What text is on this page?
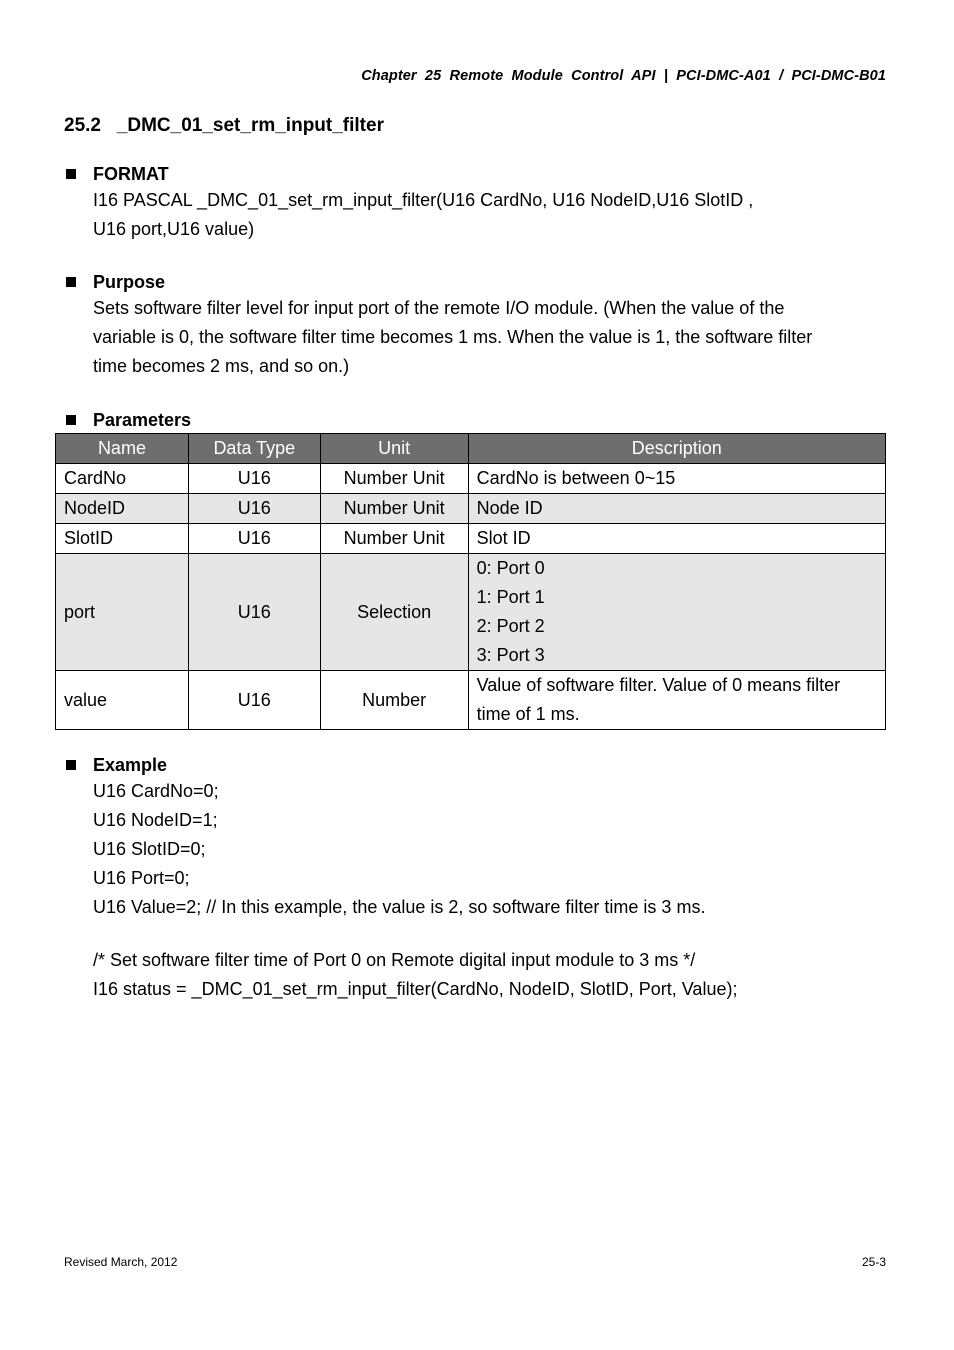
Chapter  25  Remote  Module  Control  API  |  PCI-DMC-A01  /  PCI-DMC-B01
25.2   _DMC_01_set_rm_input_filter
FORMAT
I16 PASCAL _DMC_01_set_rm_input_filter(U16 CardNo, U16 NodeID,U16 SlotID ,
U16 port,U16 value)
Purpose
Sets software filter level for input port of the remote I/O module. (When the value of the
variable is 0, the software filter time becomes 1 ms. When the value is 1, the software filter
time becomes 2 ms, and so on.)
Parameters
Name	Data Type	Unit	Description
CardNo	U16	Number Unit	CardNo is between 0~15
NodeID	U16	Number Unit	Node ID
SlotID	U16	Number Unit	Slot ID
port	U16	Selection	0: Port 0
1: Port 1
2: Port 2
3: Port 3

value	U16	Number	Value of software filter. Value of 0 means filter
time of 1 ms.
Example
U16 CardNo=0;
U16 NodeID=1;
U16 SlotID=0;
U16 Port=0;
U16 Value=2; // In this example, the value is 2, so software filter time is 3 ms.
/* Set software filter time of Port 0 on Remote digital input module to 3 ms */
I16 status = _DMC_01_set_rm_input_filter(CardNo, NodeID, SlotID, Port, Value);
Revised March, 2012	25-3
